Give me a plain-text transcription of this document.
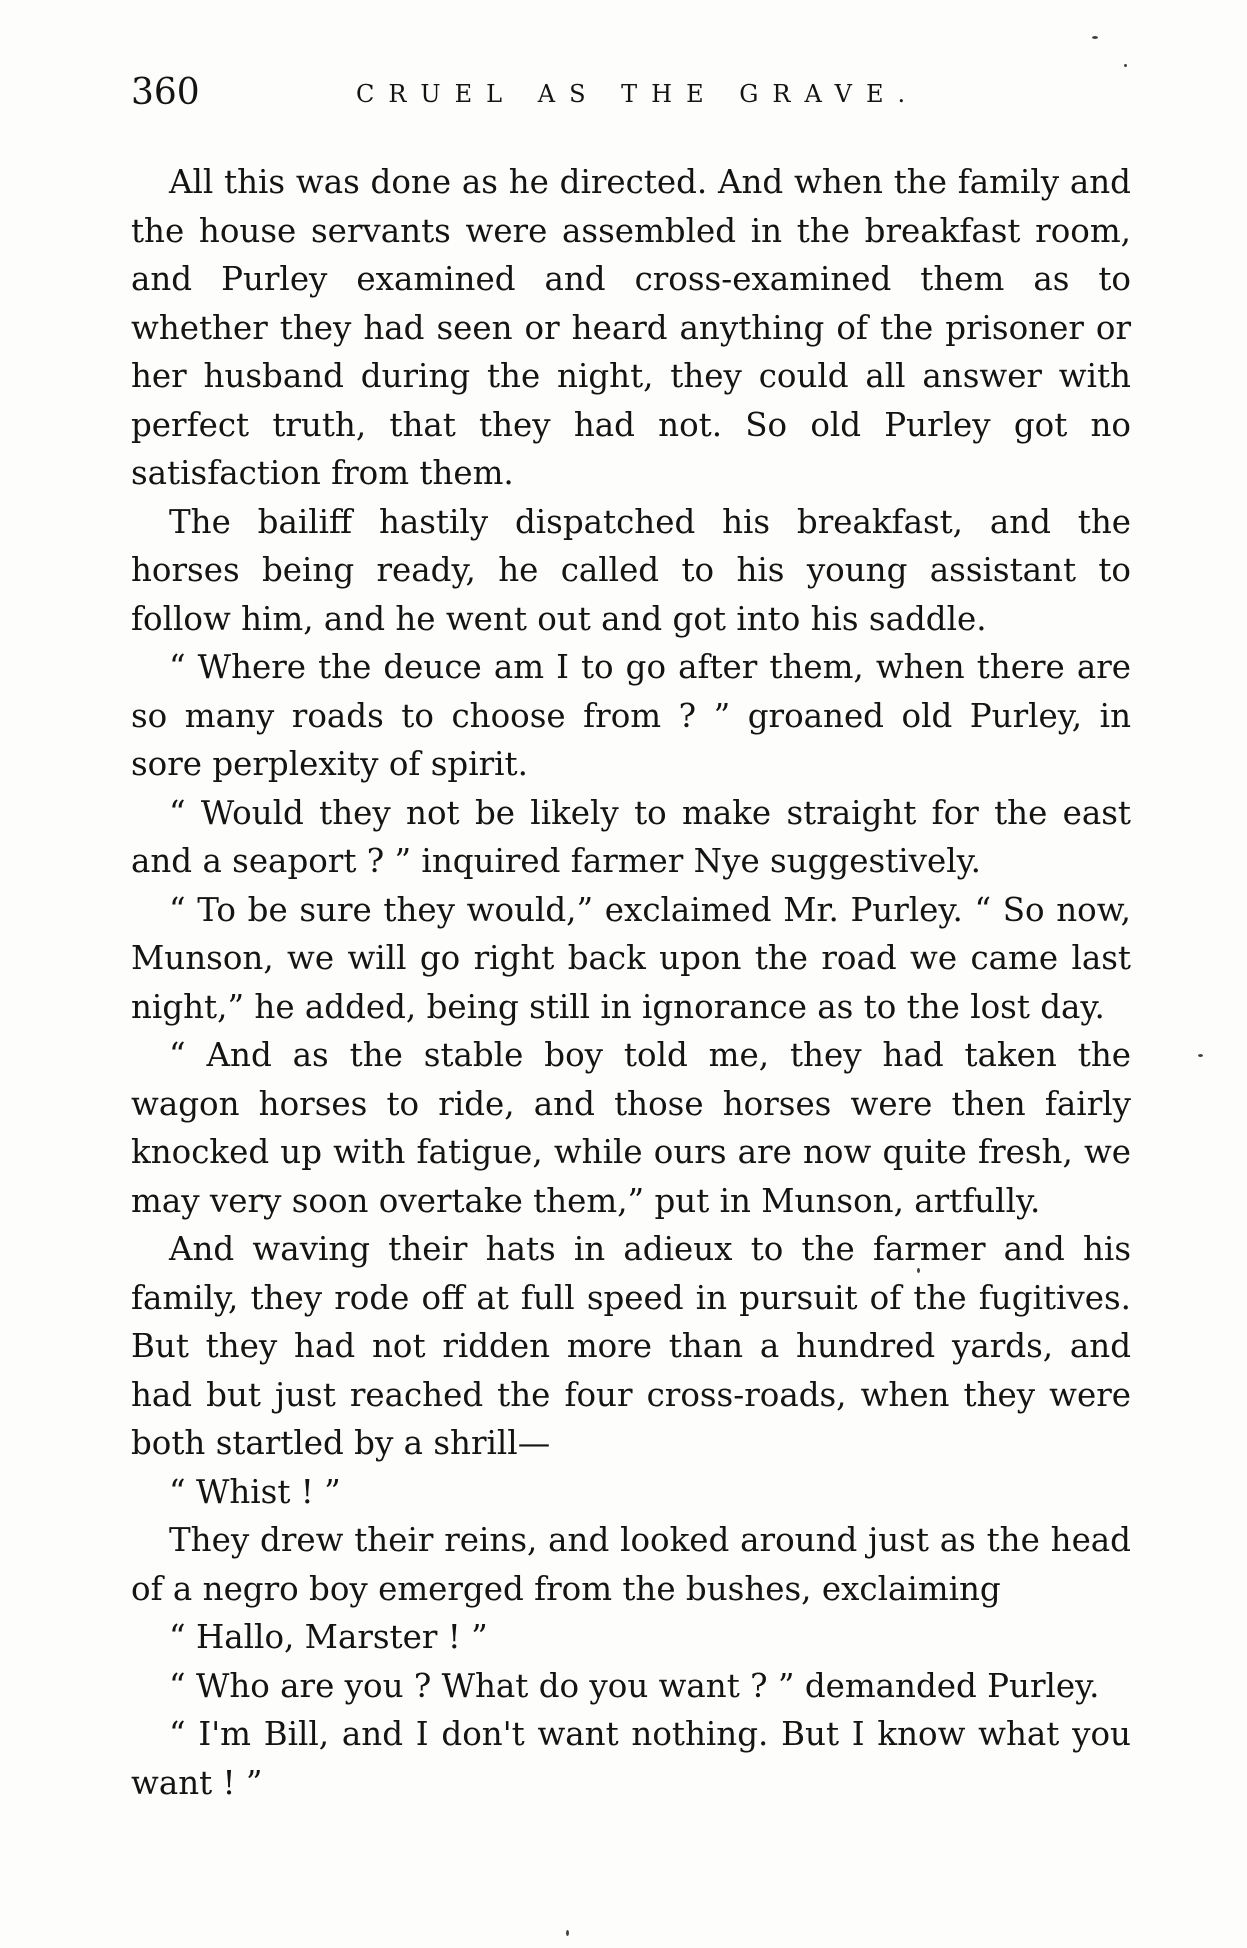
360	CRUEL AS THE GRAVE.

All this was done as he directed. And when the family and the house servants were assembled in the breakfast room, and Purley examined and cross-examined them as to whether they had seen or heard anything of the prisoner or her husband during the night, they could all answer with perfect truth, that they had not. So old Purley got no satisfaction from them.

The bailiff hastily dispatched his breakfast, and the horses being ready, he called to his young assistant to follow him, and he went out and got into his saddle.

“ Where the deuce am I to go after them, when there are so many roads to choose from ? ” groaned old Purley, in sore perplexity of spirit.

“ Would they not be likely to make straight for the east and a seaport ? ” inquired farmer Nye suggestively.

“ To be sure they would,” exclaimed Mr. Purley. “ So now, Munson, we will go right back upon the road we came last night,” he added, being still in ignorance as to the lost day.

“ And as the stable boy told me, they had taken the wagon horses to ride, and those horses were then fairly knocked up with fatigue, while ours are now quite fresh, we may very soon overtake them,” put in Munson, artfully.

And waving their hats in adieux to the farmer and his family, they rode off at full speed in pursuit of the fugitives. But they had not ridden more than a hundred yards, and had but just reached the four cross-roads, when they were both startled by a shrill—

“ Whist ! ”

They drew their reins, and looked around just as the head of a negro boy emerged from the bushes, exclaiming

“ Hallo, Marster ! ”

“ Who are you ? What do you want ? ” demanded Purley.

“ I'm Bill, and I don't want nothing. But I know what you want ! ”
